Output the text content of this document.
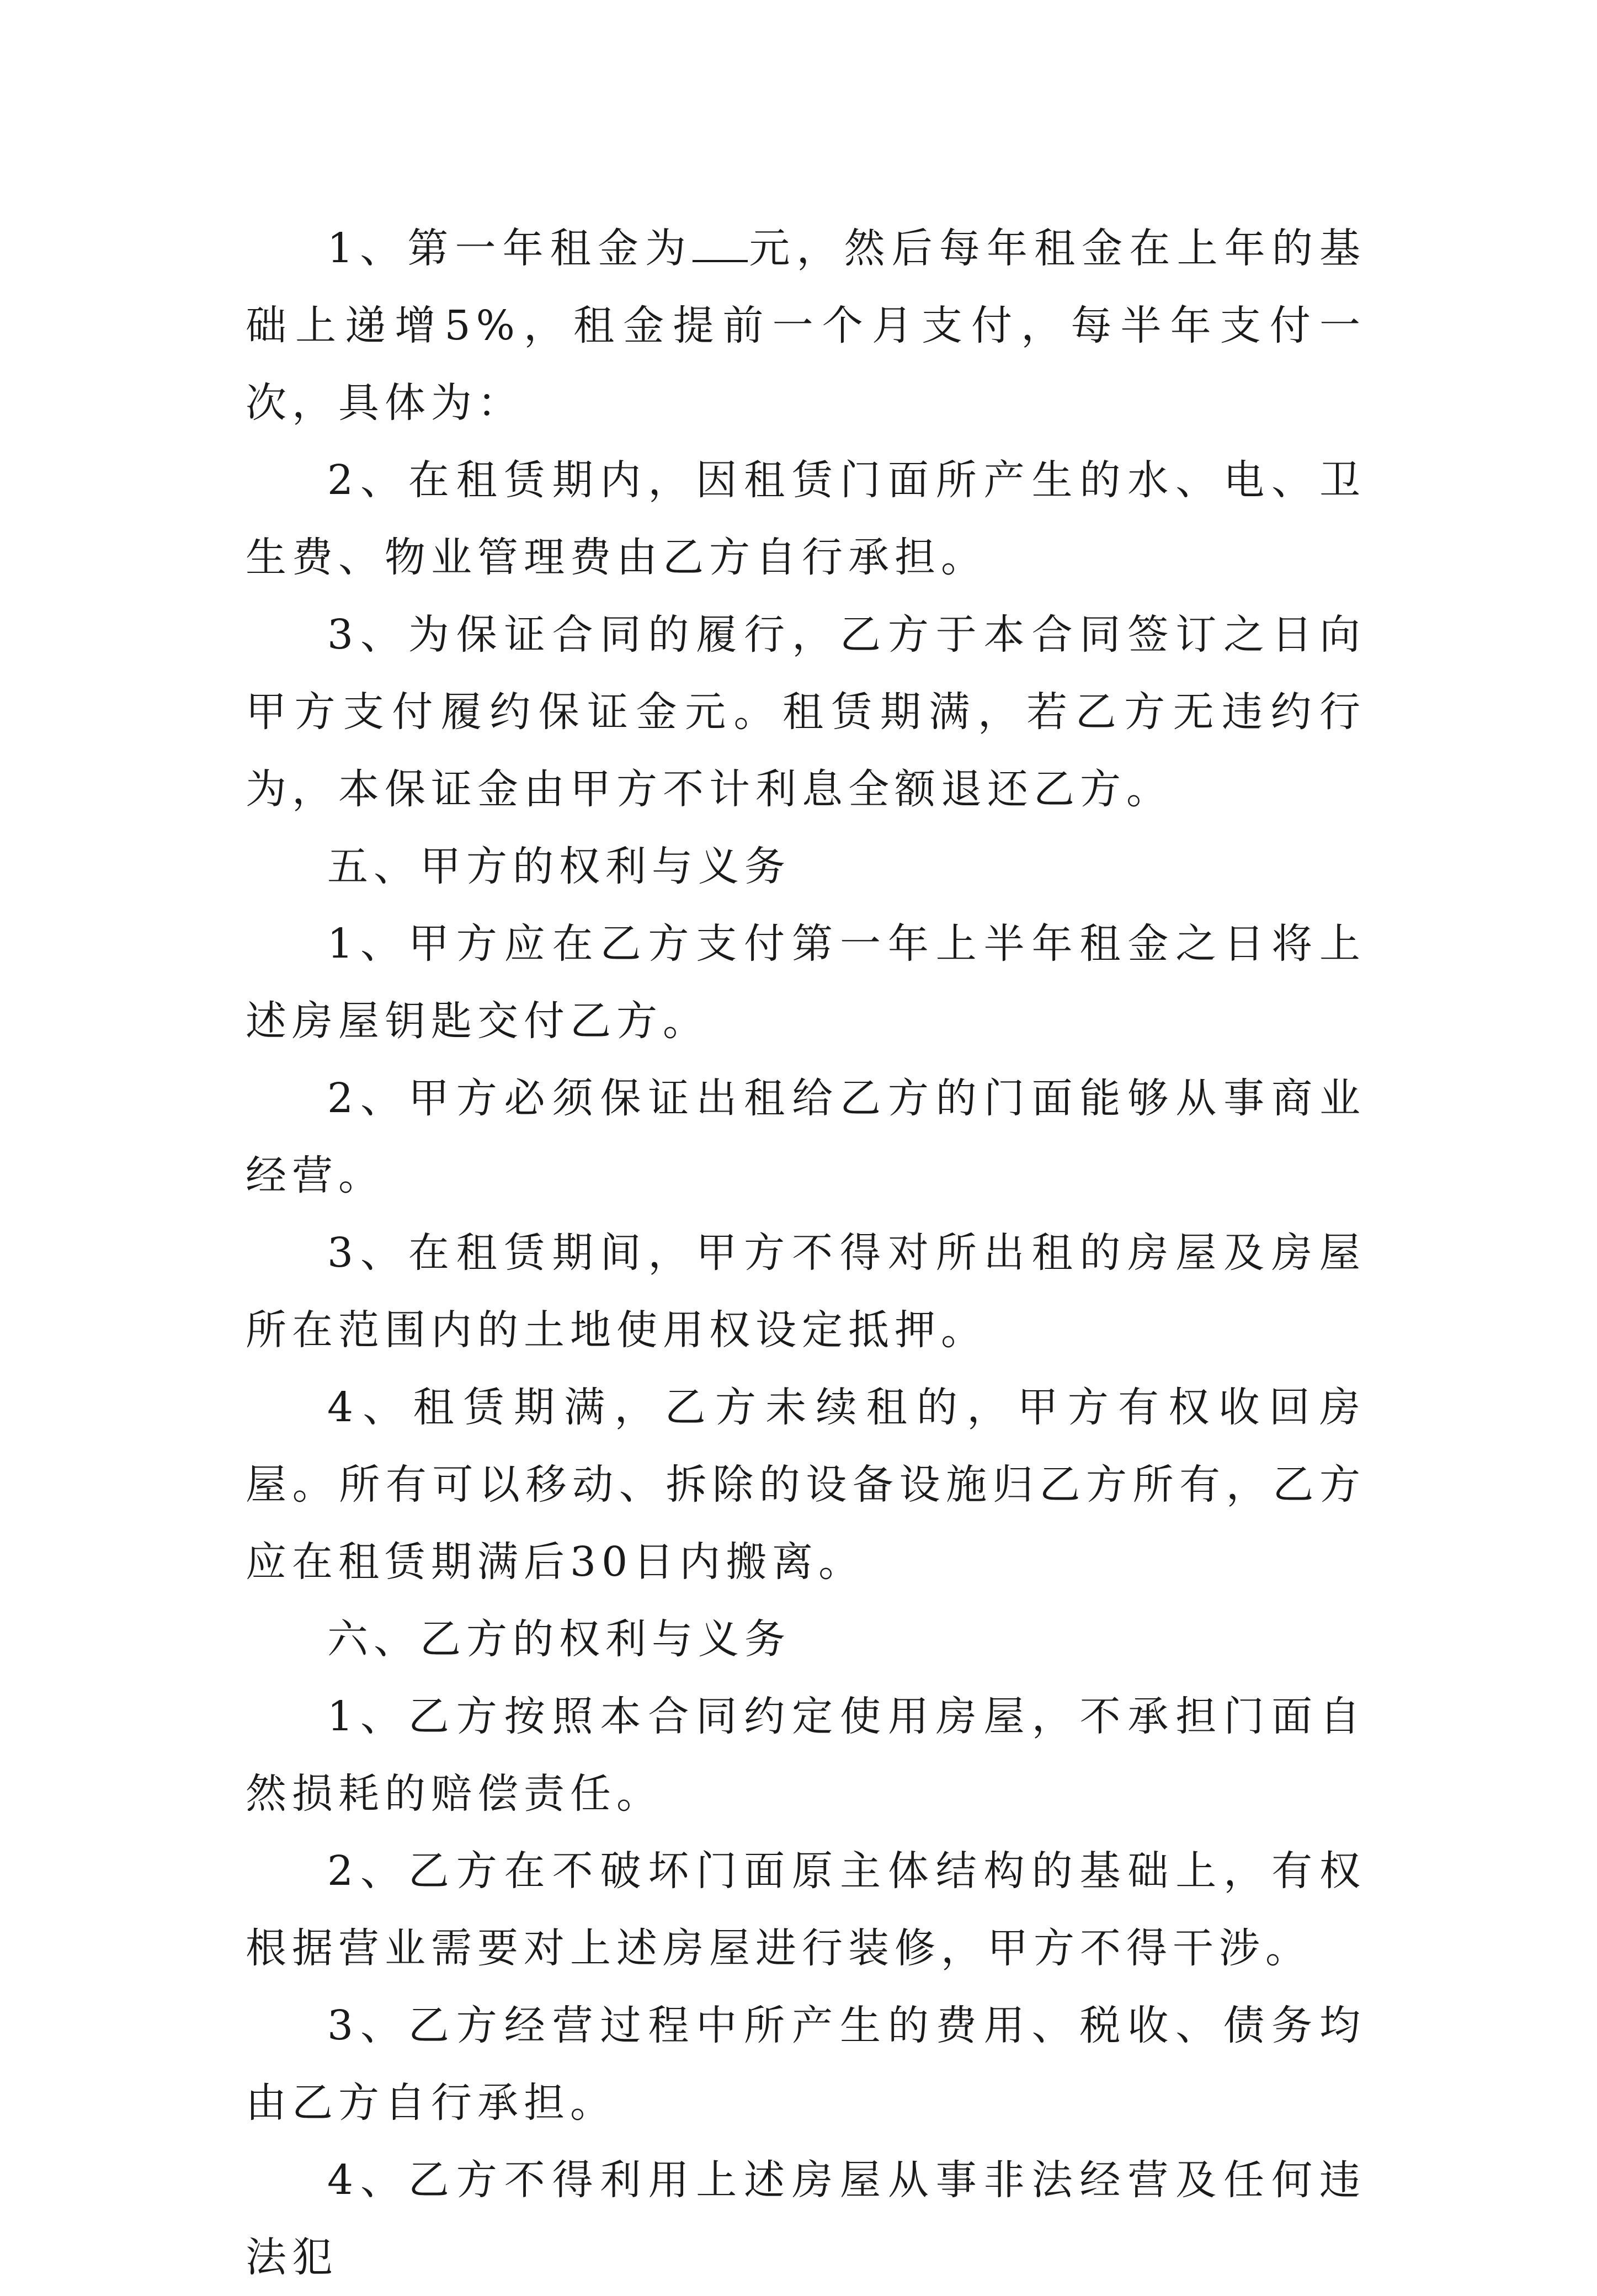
1、第一年租金为 元，然后每年租金在上年的基础上递增5%，租金提前一个月支付，每半年支付一次，具体为：

2、在租赁期内，因租赁门面所产生的水、电、卫生费、物业管理费由乙方自行承担。

3、为保证合同的履行，乙方于本合同签订之日向甲方支付履约保证金元。租赁期满，若乙方无违约行为，本保证金由甲方不计利息全额退还乙方。

五、甲方的权利与义务

1、甲方应在乙方支付第一年上半年租金之日将上述房屋钥匙交付乙方。

2、甲方必须保证出租给乙方的门面能够从事商业经营。

3、在租赁期间，甲方不得对所出租的房屋及房屋所在范围内的土地使用权设定抵押。

4、租赁期满，乙方未续租的，甲方有权收回房屋。所有可以移动、拆除的设备设施归乙方所有，乙方应在租赁期满后30日内搬离。

六、乙方的权利与义务

1、乙方按照本合同约定使用房屋，不承担门面自然损耗的赔偿责任。

2、乙方在不破坏门面原主体结构的基础上，有权根据营业需要对上述房屋进行装修，甲方不得干涉。

3、乙方经营过程中所产生的费用、税收、债务均由乙方自行承担。

4、乙方不得利用上述房屋从事非法经营及任何违法犯
